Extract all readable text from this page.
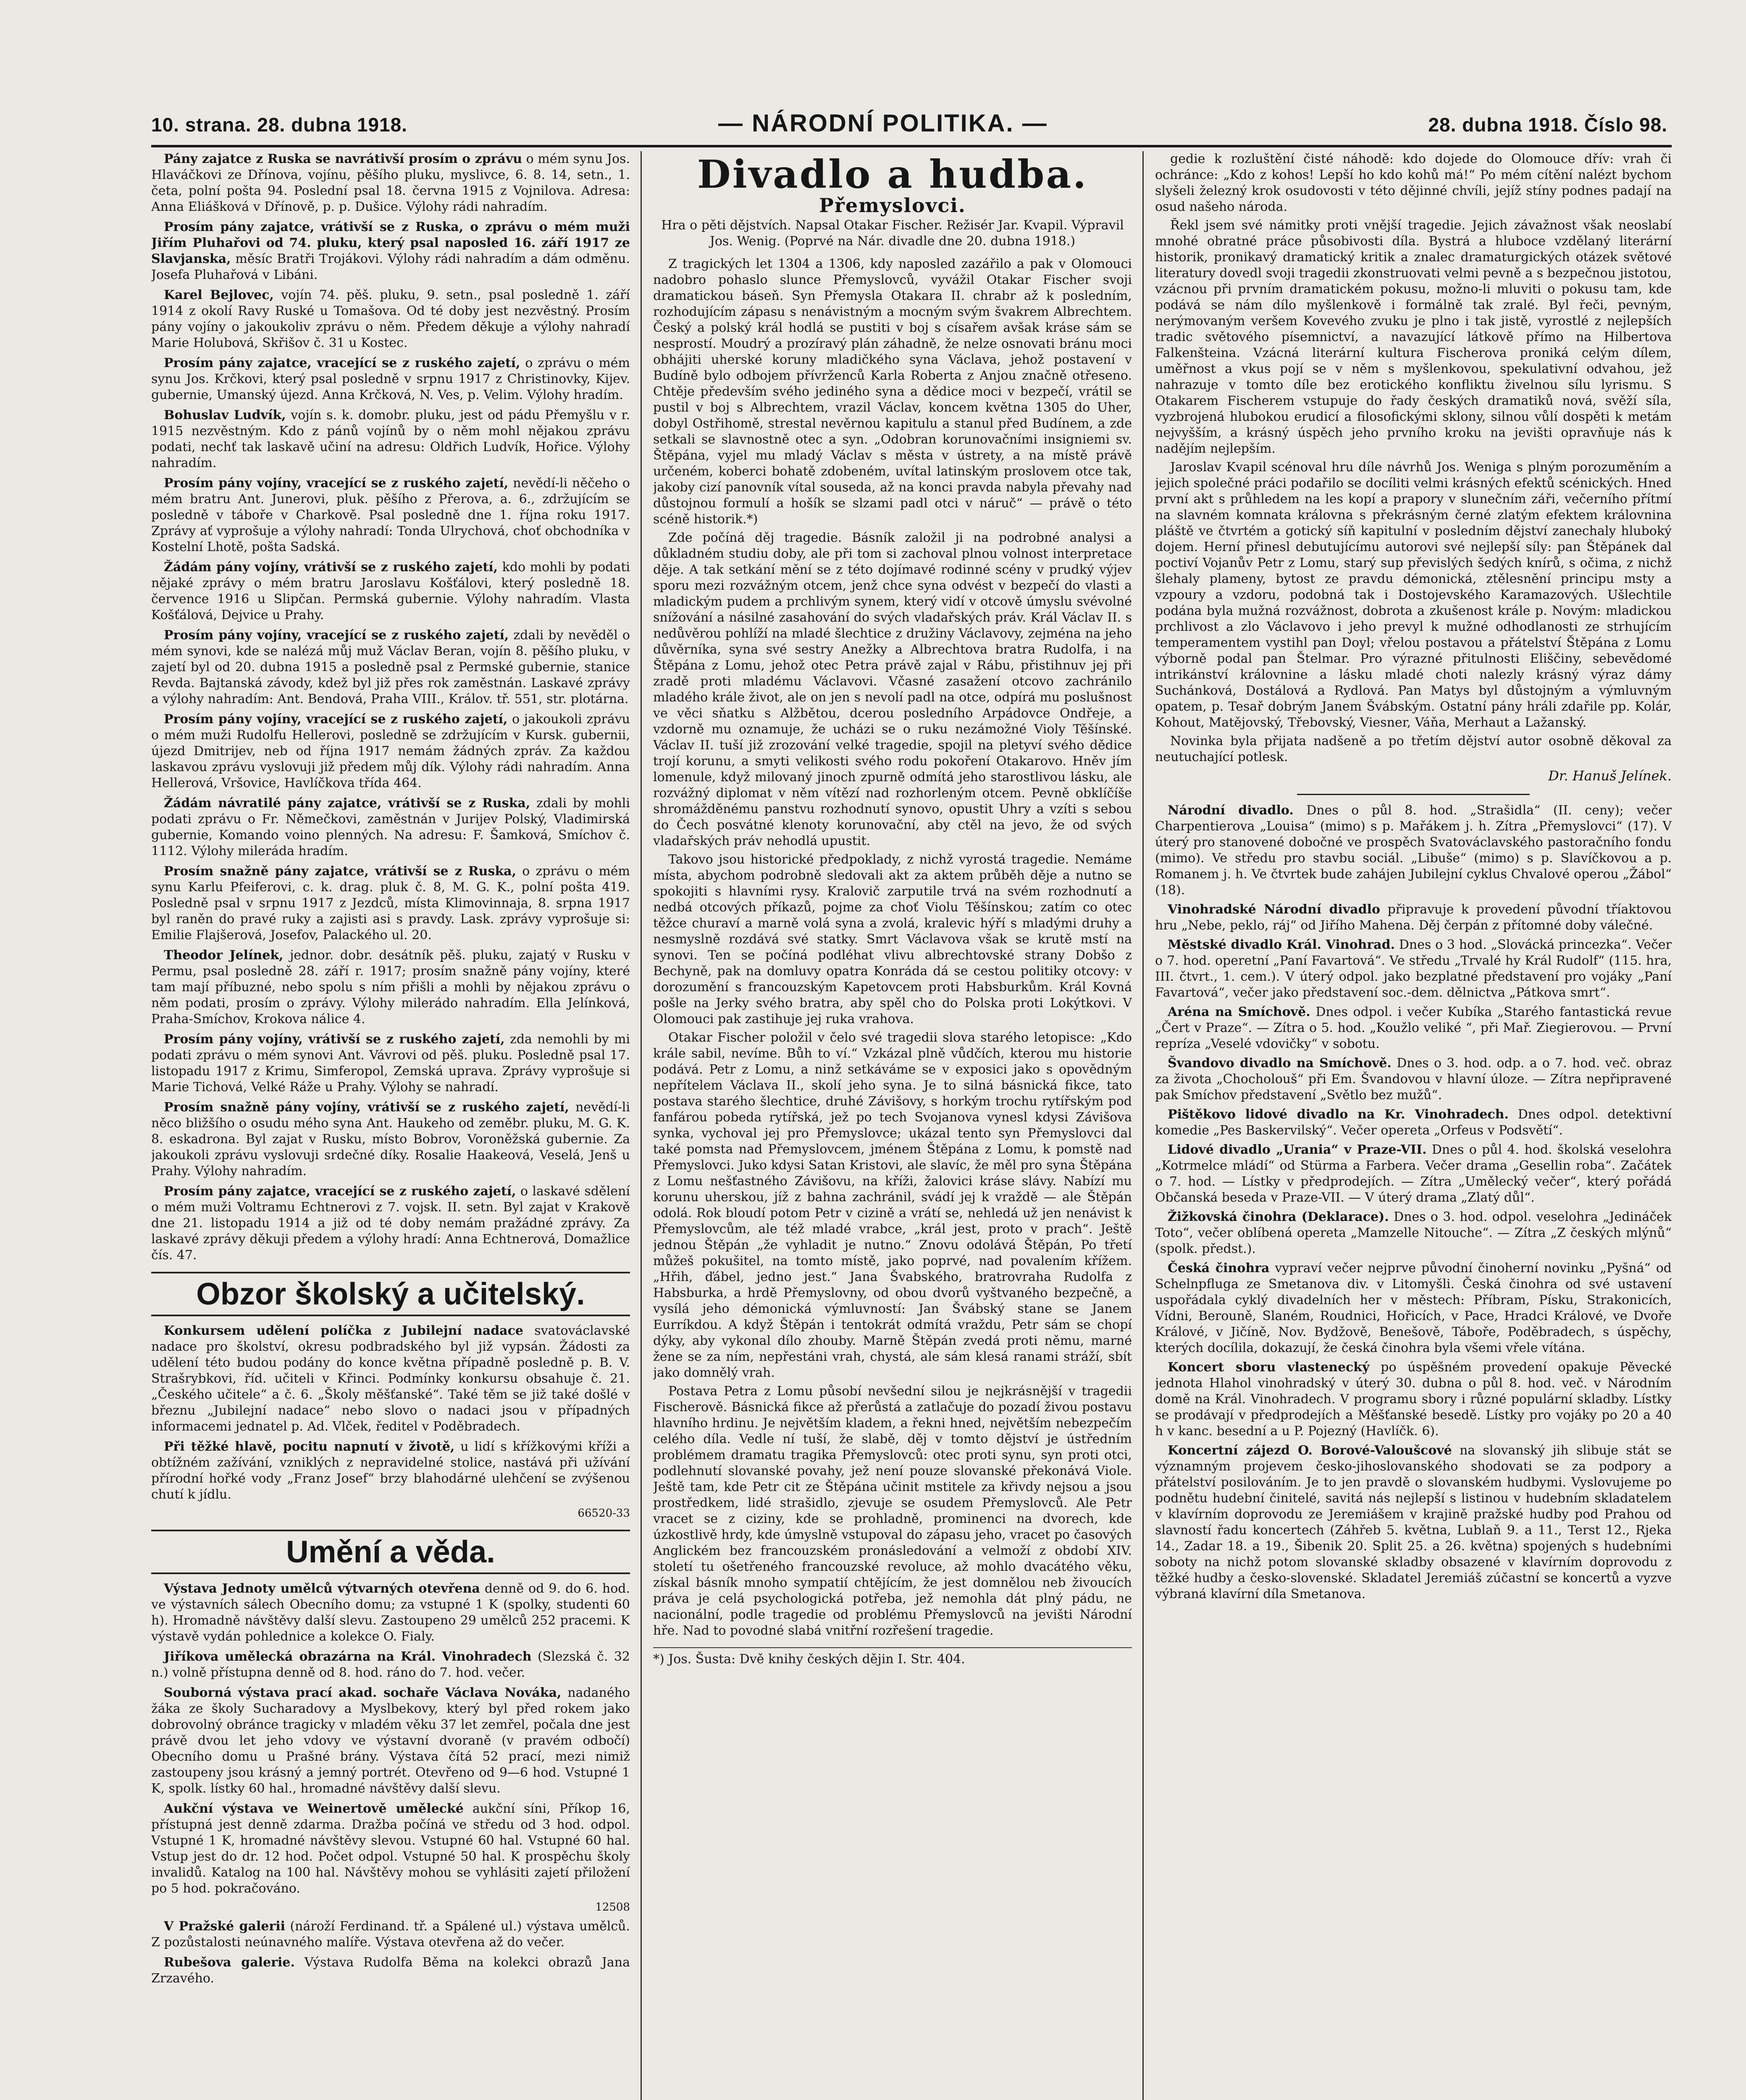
10. strana. 28. dubna 1918.	— NÁRODNÍ POLITIKA. —	28. dubna 1918. Číslo 98.

Pány zajatce z Ruska se navrátivší prosím o zprávu o mém synu Jos. Hlaváčkovi ze Dřínova, vojínu, pěšího pluku, myslivce, 6. 8. 14, setn., 1. četa, polní pošta 94. Poslední psal 18. června 1915 z Vojnilova. Adresa: Anna Eliášková v Dřínově, p. p. Dušice. Výlohy rádi nahradím.

Prosím pány zajatce, vrátivší se z Ruska, o zprávu o mém muži Jiřím Pluhařovi od 74. pluku, který psal naposled 16. září 1917 ze Slavjanska, měsíc Bratři Trojákovi. Výlohy rádi nahradím a dám odměnu. Josefa Pluhařová v Libáni.

Karel Bejlovec, vojín 74. pěš. pluku, 9. setn., psal posledně 1. září 1914 z okolí Ravy Ruské u Tomašova. Od té doby jest nezvěstný. Prosím pány vojíny o jakoukoliv zprávu o něm. Předem děkuje a výlohy nahradí Marie Holubová, Skřišov č. 31 u Kostec.

Prosím pány zajatce, vracející se z ruského zajetí, o zprávu o mém synu Jos. Krčkovi, který psal posledně v srpnu 1917 z Christinovky, Kijev. gubernie, Umanský újezd. Anna Krčková, N. Ves, p. Velim. Výlohy hradím.

Bohuslav Ludvík, vojín s. k. domobr. pluku, jest od pádu Přemyšlu v r. 1915 nezvěstným. Kdo z pánů vojínů by o něm mohl nějakou zprávu podati, nechť tak laskavě učiní na adresu: Oldřich Ludvík, Hořice. Výlohy nahradím.

Prosím pány vojíny, vracející se z ruského zajetí, nevědí-li něčeho o mém bratru Ant. Junerovi, pluk. pěšího z Přerova, a. 6., zdržujícím se posledně v táboře v Charkově. Psal posledně dne 1. října roku 1917. Zprávy ať vyprošuje a výlohy nahradí: Tonda Ulrychová, choť obchodníka v Kostelní Lhotě, pošta Sadská.

Žádám pány vojíny, vrátivší se z ruského zajetí, kdo mohli by podati nějaké zprávy o mém bratru Jaroslavu Košťálovi, který posledně 18. července 1916 u Slipčan. Permská gubernie. Výlohy nahradím. Vlasta Košťálová, Dejvice u Prahy.

Prosím pány vojíny, vracející se z ruského zajetí, zdali by nevěděl o mém synovi, kde se nalézá můj muž Václav Beran, vojín 8. pěšího pluku, v zajetí byl od 20. dubna 1915 a posledně psal z Permské gubernie, stanice Revda. Bajtanská závody, kdež byl již přes rok zaměstnán. Laskavé zprávy a výlohy nahradím: Ant. Bendová, Praha VIII., Králov. tř. 551, str. plotárna.

Prosím pány vojíny, vracející se z ruského zajetí, o jakoukoli zprávu o mém muži Rudolfu Hellerovi, posledně se zdržujícím v Kursk. gubernii, újezd Dmitrijev, neb od října 1917 nemám žádných zpráv. Za každou laskavou zprávu vyslovuji již předem můj dík. Výlohy rádi nahradím. Anna Hellerová, Vršovice, Havlíčkova třída 464.

Žádám návratilé pány zajatce, vrátivší se z Ruska, zdali by mohli podati zprávu o Fr. Němečkovi, zaměstnán v Jurijev Polský, Vladimirská gubernie, Komando voino plenných. Na adresu: F. Šamková, Smíchov č. 1112. Výlohy mileráda hradím.

Prosím snažně pány zajatce, vrátivší se z Ruska, o zprávu o mém synu Karlu Pfeiferovi, c. k. drag. pluk č. 8, M. G. K., polní pošta 419. Posledně psal v srpnu 1917 z Jezdců, místa Klimovinnaja, 8. srpna 1917 byl raněn do pravé ruky a zajisti asi s pravdy. Lask. zprávy vyprošuje si: Emilie Flajšerová, Josefov, Palackého ul. 20.

Theodor Jelínek, jednor. dobr. desátník pěš. pluku, zajatý v Rusku v Permu, psal posledně 28. září r. 1917; prosím snažně pány vojíny, které tam mají příbuzné, nebo spolu s ním přišli a mohli by nějakou zprávu o něm podati, prosím o zprávy. Výlohy milerádo nahradím. Ella Jelínková, Praha-Smíchov, Krokova nálice 4.

Prosím pány vojíny, vrátivší se z ruského zajetí, zda nemohli by mi podati zprávu o mém synovi Ant. Vávrovi od pěš. pluku. Posledně psal 17. listopadu 1917 z Krimu, Simferopol, Zemská uprava. Zprávy vyprošuje si Marie Tichová, Velké Ráže u Prahy. Výlohy se nahradí.

Prosím snažně pány vojíny, vrátivší se z ruského zajetí, nevědí-li něco bližšího o osudu mého syna Ant. Haukeho od zeměbr. pluku, M. G. K. 8. eskadrona. Byl zajat v Rusku, místo Bobrov, Voroněžská gubernie. Za jakoukoli zprávu vyslovuji srdečné díky. Rosalie Haakeová, Veselá, Jenš u Prahy. Výlohy nahradím.

Prosím pány zajatce, vracející se z ruského zajetí, o laskavé sdělení o mém muži Voltramu Echtnerovi z 7. vojsk. II. setn. Byl zajat v Krakově dne 21. listopadu 1914 a již od té doby nemám pražádné zprávy. Za laskavé zprávy děkuji předem a výlohy hradí: Anna Echtnerová, Domažlice čís. 47.

Obzor školský a učitelský.

Konkursem udělení políčka z Jubilejní nadace svatováclavské nadace pro školství, okresu podbradského byl již vypsán. Žádosti za udělení této budou podány do konce května případně posledně p. B. V. Strašrybkovi, říd. učiteli v Křinci. Podmínky konkursu obsahuje č. 21. „Českého učitele“ a č. 6. „Školy měšťanské“. Také těm se již také došlé v březnu „Jubilejní nadace“ nebo slovo o nadaci jsou v případných informacemi jednatel p. Ad. Vlček, ředitel v Poděbradech.

Při těžké hlavě, pocitu napnutí v životě, u lidí s křížkovými kříži a obtížném zažívání, vzniklých z nepravidelné stolice, nastává při užívání přírodní hořké vody „Franz Josef“ brzy blahodárné ulehčení se zvýšenou chutí k jídlu.

66520-33
Umění a věda.

Výstava Jednoty umělců výtvarných otevřena denně od 9. do 6. hod. ve výstavních sálech Obecního domu; za vstupné 1 K (spolky, studenti 60 h). Hromadně návštěvy další slevu. Zastoupeno 29 umělců 252 pracemi. K výstavě vydán pohlednice a kolekce O. Fialy.

Jiříkova umělecká obrazárna na Král. Vinohradech (Slezská č. 32 n.) volně přístupna denně od 8. hod. ráno do 7. hod. večer.

Souborná výstava prací akad. sochaře Václava Nováka, nadaného žáka ze školy Sucharadovy a Myslbekovy, který byl před rokem jako dobrovolný obránce tragicky v mladém věku 37 let zemřel, počala dne jest právě dvou let jeho vdovy ve výstavní dvoraně (v pravém odbočí) Obecního domu u Prašné brány. Výstava čítá 52 prací, mezi nimiž zastoupeny jsou krásný a jemný portrét. Otevřeno od 9—6 hod. Vstupné 1 K, spolk. lístky 60 hal., hromadné návštěvy další slevu.

Aukční výstava ve Weinertově umělecké aukční síni, Příkop 16, přístupná jest denně zdarma. Dražba počíná ve středu od 3 hod. odpol. Vstupné 1 K, hromadné návštěvy slevou. Vstupné 60 hal. Vstupné 60 hal. Vstup jest do dr. 12 hod. Počet odpol. Vstupné 50 hal. K prospěchu školy invalidů. Katalog na 100 hal. Návštěvy mohou se vyhlásiti zajetí přiložení po 5 hod. pokračováno.

12508

V Pražské galerii (nároží Ferdinand. tř. a Spálené ul.) výstava umělců. Z pozůstalosti neúnavného malíře. Výstava otevřena až do večer.

Rubešova galerie. Výstava Rudolfa Běma na kolekci obrazů Jana Zrzavého.

Divadlo a hudba.
Přemyslovci.
Hra o pěti dějstvích. Napsal Otakar Fischer. Režisér Jar. Kvapil. Výpravil Jos. Wenig. (Poprvé na Nár. divadle dne 20. dubna 1918.)

Z tragických let 1304 a 1306, kdy naposled zazářilo a pak v Olomouci nadobro pohaslo slunce Přemyslovců, vyvážil Otakar Fischer svoji dramatickou báseň. Syn Přemysla Otakara II. chrabr až k posledním, rozhodujícím zápasu s nenávistným a mocným svým švakrem Albrechtem. Český a polský král hodlá se pustiti v boj s císařem avšak kráse sám se nesprostí. Moudrý a prozíravý plán záhadně, že nelze osnovati bránu moci obhájiti uherské koruny mladičkého syna Václava, jehož postavení v Budíně bylo odbojem přívrženců Karla Roberta z Anjou značně otřeseno. Chtěje především svého jediného syna a dědice moci v bezpečí, vrátil se pustil v boj s Albrechtem, vrazil Václav, koncem května 1305 do Uher, dobyl Ostřihomě, strestal nevěrnou kapitulu a stanul před Budínem, a zde setkali se slavnostně otec a syn. „Odobran korunovačními insigniemi sv. Štěpána, vyjel mu mladý Václav s města v ústrety, a na místě právě určeném, koberci bohatě zdobeném, uvítal latinským proslovem otce tak, jakoby cizí panovník vítal souseda, až na konci pravda nabyla převahy nad důstojnou formulí a hošík se slzami padl otci v náruč“ — právě o této scéně historik.*)

Zde počíná děj tragedie. Básník založil ji na podrobné analysi a důkladném studiu doby, ale při tom si zachoval plnou volnost interpretace děje. A tak setkání mění se z této dojímavé rodinné scény v prudký výjev sporu mezi rozvážným otcem, jenž chce syna odvést v bezpečí do vlasti a mladickým pudem a prchlivým synem, který vidí v otcově úmyslu svévolné snížování a násilné zasahování do svých vladařských práv. Král Václav II. s nedůvěrou pohlíží na mladé šlechtice z družiny Václavovy, zejména na jeho důvěrníka, syna své sestry Anežky a Albrechtova bratra Rudolfa, i na Štěpána z Lomu, jehož otec Petra právě zajal v Rábu, přistihnuv jej při zradě proti mladému Václavovi. Včasné zasažení otcovo zachránilo mladého krále život, ale on jen s nevolí padl na otce, odpírá mu poslušnost ve věci sňatku s Alžbětou, dcerou posledního Arpádovce Ondřeje, a vzdorně mu oznamuje, že ucházi se o ruku nezámožné Violy Těšínské. Václav II. tuší již zrozování velké tragedie, spojil na pletyví svého dědice trojí korunu, a smyti velikosti svého rodu pokoření Otakarovo. Hněv jím lomenule, když milovaný jinoch zpurně odmítá jeho starostlivou lásku, ale rozvážný diplomat v něm vítězí nad rozhorleným otcem. Pevně obklíčíše shromážděnému panstvu rozhodnutí synovo, opustit Uhry a vzíti s sebou do Čech posvátné klenoty korunovační, aby ctěl na jevo, že od svých vladařských práv nehodlá upustit.

Takovo jsou historické předpoklady, z nichž vyrostá tragedie. Nemáme místa, abychom podrobně sledovali akt za aktem průběh děje a nutno se spokojiti s hlavními rysy. Kralovič zarputile trvá na svém rozhodnutí a nedbá otcových příkazů, pojme za choť Violu Těšínskou; zatím co otec těžce churaví a marně volá syna a zvolá, kralevic hýří s mladými druhy a nesmyslně rozdává své statky. Smrt Václavova však se krutě mstí na synovi. Ten se počíná podléhat vlivu albrechtovské strany Dobšo z Bechyně, pak na domluvy opatra Konráda dá se cestou politiky otcovy: v dorozumění s francouzským Kapetovcem proti Habsburkům. Král Kovná pošle na Jerky svého bratra, aby spěl cho do Polska proti Lokýtkovi. V Olomouci pak zastihuje jej ruka vrahova.

Otakar Fischer položil v čelo své tragedii slova starého letopisce: „Kdo krále sabil, nevíme. Bůh to ví.“ Vzkázal plně vůdčích, kterou mu historie podává. Petr z Lomu, a ninž setkáváme se v exposici jako s opovědným nepřítelem Václava II., skolí jeho syna. Je to silná básnická fikce, tato postava starého šlechtice, druhé Závišovy, s horkým trochu rytířským pod fanfárou pobeda rytířská, jež po tech Svojanova vynesl kdysi Závišova synka, vychoval jej pro Přemyslovce; ukázal tento syn Přemyslovci dal také pomsta nad Přemyslovcem, jménem Štěpána z Lomu, k pomstě nad Přemyslovci. Juko kdysi Satan Kristovi, ale slavíc, že měl pro syna Štěpána z Lomu nešťastného Závišovu, na kříži, žalovici kráse slávy. Nabízí mu korunu uherskou, jíž z bahna zachránil, svádí jej k vraždě — ale Štěpán odolá. Rok bloudí potom Petr v cizině a vrátí se, nehledá už jen nenávist k Přemyslovcům, ale též mladé vrabce, „král jest, proto v prach“. Ještě jednou Štěpán „že vyhladit je nutno.“ Znovu odolává Štěpán, Po třetí můžeš pokušitel, na tomto místě, jako poprvé, nad povalením křížem. „Hřih, ďábel, jedno jest.“ Jana Švabského, bratrovraha Rudolfa z Habsburka, a hrdě Přemyslovny, od obou dvorů vyštvaného bezpečně, a vysílá jeho démonická výmluvností: Jan Švábský stane se Janem Eurríkdou. A když Štěpán i tentokrát odmítá vraždu, Petr sám se chopí dýky, aby vykonal dílo zhouby. Marně Štěpán zvedá proti němu, marné žene se za ním, nepřestáni vrah, chystá, ale sám klesá ranami stráží, sbít jako domnělý vrah.

Postava Petra z Lomu působí nevšední silou je nejkrásnější v tragedii Fischerově. Básnická fikce až přerůstá a zatlačuje do pozadí živou postavu hlavního hrdinu. Je největším kladem, a řekni hned, největším nebezpečím celého díla. Vedle ní tuší, že slabě, děj v tomto dějství je ústředním problémem dramatu tragika Přemyslovců: otec proti synu, syn proti otci, podlehnutí slovanské povahy, jež není pouze slovanské překonává Viole. Ještě tam, kde Petr cit ze Štěpána učinit mstitele za křivdy nejsou a jsou prostředkem, lidé strašidlo, zjevuje se osudem Přemyslovců. Ale Petr vracet se z ciziny, kde se prohladně, prominenci na dvorech, kde úzkostlivě hrdy, kde úmyslně vstupoval do zápasu jeho, vracet po časových Anglickém bez francouzském pronásledování a velmoží z období XIV. století tu ošetřeného francouzské revoluce, až mohlo dvacátého věku, získal básník mnoho sympatií chtějícím, že jest domnělou neb živoucích práva je celá psychologická potřeba, jež nemohla dát plný pádu, ne nacionální, podle tragedie od problému Přemyslovců na jevišti Národní hře. Nad to povodné slabá vnitřní rozřešení tragedie.

*) Jos. Šusta: Dvě knihy českých dějin I. Str. 404.

gedie k rozluštění čisté náhodě: kdo dojede do Olomouce dřív: vrah či ochránce: „Kdo z kohos! Lepší ho kdo kohů má!“ Po mém cítění nalézt bychom slyšeli železný krok osudovosti v této dějinné chvíli, jejíž stíny podnes padají na osud našeho národa.

Řekl jsem své námitky proti vnější tragedie. Jejich závažnost však neoslabí mnohé obratné práce působivosti díla. Bystrá a hluboce vzdělaný literární historik, pronikavý dramatický kritik a znalec dramaturgických otázek světové literatury dovedl svoji tragedii zkonstruovati velmi pevně a s bezpečnou jistotou, vzácnou při prvním dramatickém pokusu, možno-li mluviti o pokusu tam, kde podává se nám dílo myšlenkově i formálně tak zralé. Byl řeči, pevným, nerýmovaným veršem Kovevého zvuku je plno i tak jistě, vyrostlé z nejlepších tradic světového písemnictví, a navazující látkově přímo na Hilbertova Falkenšteina. Vzácná literární kultura Fischerova proniká celým dílem, uměřnost a vkus pojí se v něm s myšlenkovou, spekulativní odvahou, jež nahrazuje v tomto díle bez erotického konfliktu živelnou sílu lyrismu. S Otakarem Fischerem vstupuje do řady českých dramatiků nová, svěží síla, vyzbrojená hlubokou erudicí a filosofickými sklony, silnou vůlí dospěti k metám nejvyšším, a krásný úspěch jeho prvního kroku na jevišti opravňuje nás k nadějím nejlepším.

Jaroslav Kvapil scénoval hru díle návrhů Jos. Weniga s plným porozuměním a jejich společné práci podařilo se docíliti velmi krásných efektů scénických. Hned první akt s průhledem na les kopí a prapory v slunečním záři, večerního přítmí na slavném komnata královna s překrásným černé zlatým efektem královnina pláště ve čtvrtém a gotický síň kapitulní v posledním dějství zanechaly hluboký dojem. Herní přinesl debutujícímu autorovi své nejlepší síly: pan Štěpánek dal poctiví Vojanův Petr z Lomu, starý sup převislých šedých knírů, s očima, z nichž šlehaly plameny, bytost ze pravdu démonická, ztělesnění principu msty a vzpoury a vzdoru, podobná tak i Dostojevského Karamazových. Ušlechtile podána byla mužná rozvážnost, dobrota a zkušenost krále p. Novým: mladickou prchlivost a zlo Václavovo i jeho prevyl k mužné odhodlanosti ze strhujícím temperamentem vystihl pan Doyl; vřelou postavou a přátelství Štěpána z Lomu výborně podal pan Štelmar. Pro výrazné přitulnosti Eliščiny, sebevědomé intrikánství královnine a lásku mladé choti nalezly krásný výraz dámy Suchánková, Dostálová a Rydlová. Pan Matys byl důstojným a výmluvným opatem, p. Tesař dobrým Janem Švábským. Ostatní pány hráli zdařile pp. Kolár, Kohout, Matějovský, Třebovský, Viesner, Váňa, Merhaut a Lažanský.

Novinka byla přijata nadšeně a po třetím dějství autor osobně děkoval za neutuchající potlesk.

Dr. Hanuš Jelínek.

Národní divadlo. Dnes o půl 8. hod. „Strašidla“ (II. ceny); večer Charpentierova „Louisa“ (mimo) s p. Mařákem j. h. Zítra „Přemyslovci“ (17). V úterý pro stanovené dobočné ve prospěch Svatováclavského pastoračního fondu (mimo). Ve středu pro stavbu sociál. „Libuše“ (mimo) s p. Slavíčkovou a p. Romanem j. h. Ve čtvrtek bude zahájen Jubilejní cyklus Chvalové operou „Žábol“ (18).

Vinohradské Národní divadlo připravuje k provedení původní tříaktovou hru „Nebe, peklo, ráj“ od Jiřího Mahena. Děj čerpán z přítomné doby válečné.

Městské divadlo Král. Vinohrad. Dnes o 3 hod. „Slovácká princezka“. Večer o 7. hod. operetní „Paní Favartová“. Ve středu „Trvalé hy Král Rudolf“ (115. hra, III. čtvrt., 1. cem.). V úterý odpol. jako bezplatné představení pro vojáky „Paní Favartová“, večer jako představení soc.-dem. dělnictva „Pátkova smrt“.

Aréna na Smíchově. Dnes odpol. i večer Kubíka „Starého fantastická revue „Čert v Praze“. — Zítra o 5. hod. „Koužlo veliké “, při Mař. Ziegierovou. — První repríza „Veselé vdovičky“ v sobotu.

Švandovo divadlo na Smíchově. Dnes o 3. hod. odp. a o 7. hod. več. obraz za života „Chocholouš“ při Em. Švandovou v hlavní úloze. — Zítra nepřipravené pak Smíchov představení „Světlo bez mužů“.

Pištěkovo lidové divadlo na Kr. Vinohradech. Dnes odpol. detektivní komedie „Pes Baskervilský“. Večer opereta „Orfeus v Podsvětí“.

Lidové divadlo „Urania“ v Praze-VII. Dnes o půl 4. hod. školská veselohra „Kotrmelce mládí“ od Stürma a Farbera. Večer drama „Gesellin roba“. Začátek o 7. hod. — Lístky v předprodejích. — Zítra „Umělecký večer“, který pořádá Občanská beseda v Praze-VII. — V úterý drama „Zlatý důl“.

Žižkovská činohra (Deklarace). Dnes o 3. hod. odpol. veselohra „Jedináček Toto“, večer oblíbená opereta „Mamzelle Nitouche“. — Zítra „Z českých mlýnů“ (spolk. předst.).

Česká činohra vypraví večer nejprve původní činoherní novinku „Pyšná“ od Schelnpfluga ze Smetanova div. v Litomyšli. Česká činohra od své ustavení uspořádala cyklý divadelních her v městech: Příbram, Písku, Strakonicích, Vídni, Berouně, Slaném, Roudnici, Hořicích, v Pace, Hradci Králové, ve Dvoře Králové, v Jičíně, Nov. Bydžově, Benešově, Táboře, Poděbradech, s úspěchy, kterých docílila, dokazují, že česká činohra byla všemi vřele vítána.

Koncert sboru vlastenecký po úspěšném provedení opakuje Pěvecké jednota Hlahol vinohradský v úterý 30. dubna o půl 8. hod. več. v Národním domě na Král. Vinohradech. V programu sbory i různé populární skladby. Lístky se prodávají v předprodejích a Měšťanské besedě. Lístky pro vojáky po 20 a 40 h v kanc. besední a u P. Pojezný (Havlíčk. 6).

Koncertní zájezd O. Borové-Valoušcové na slovanský jih slibuje stát se významným projevem česko-jihoslovanského shodovati se za podpory a přátelství posilováním. Je to jen pravdě o slovanském hudbymi. Vyslovujeme po podnětu hudební činitelé, savitá nás nejlepší s listinou v hudebním skladatelem v klavírním doprovodu ze Jeremiášem v krajině pražské hudby pod Prahou od slavností řadu koncertech (Záhřeb 5. května, Lublaň 9. a 11., Terst 12., Rjeka 14., Zadar 18. a 19., Šibenik 20. Split 25. a 26. května) spojených s hudebními soboty na nichž potom slovanské skladby obsazené v klavírním doprovodu z těžké hudby a česko-slovenské. Skladatel Jeremiáš zúčastní se koncertů a vyzve výbraná klavírní díla Smetanova.
